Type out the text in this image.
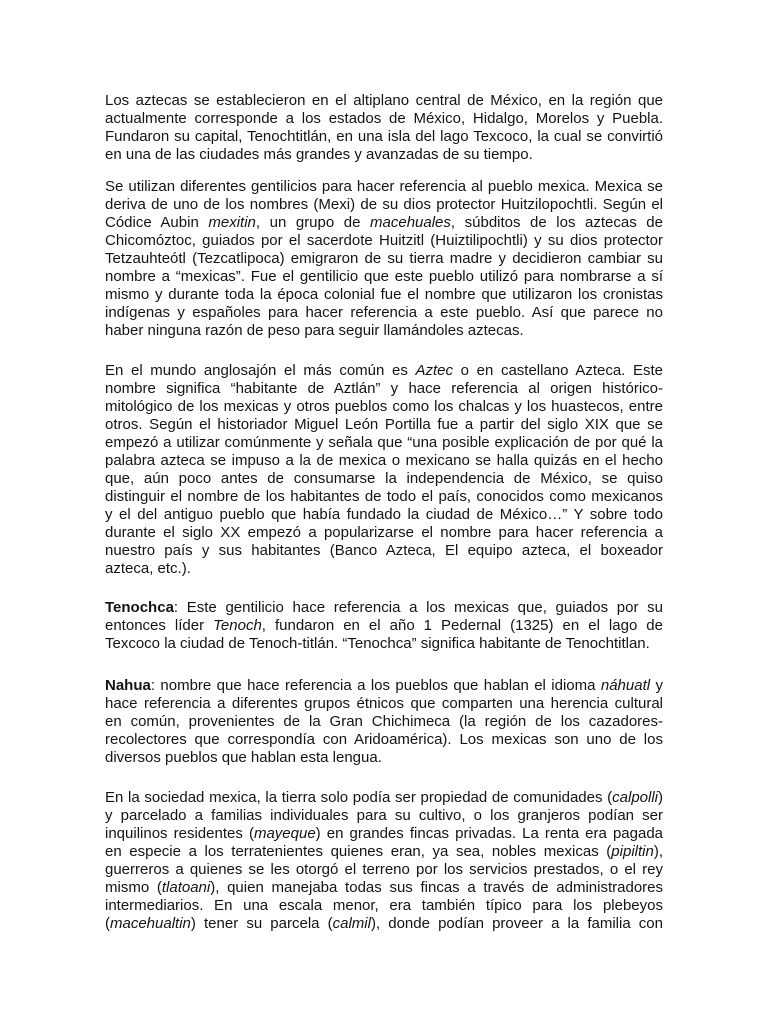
Los aztecas se establecieron en el altiplano central de México, en la región que
actualmente corresponde a los estados de México, Hidalgo, Morelos y Puebla.
Fundaron su capital, Tenochtitlán, en una isla del lago Texcoco, la cual se convirtió
en una de las ciudades más grandes y avanzadas de su tiempo.
Se utilizan diferentes gentilicios para hacer referencia al pueblo mexica. Mexica se
deriva de uno de los nombres (Mexi) de su dios protector Huitzilopochtli. Según el
Códice Aubin mexitin, un grupo de macehuales, súbditos de los aztecas de
Chicomóztoc, guiados por el sacerdote Huitzitl (Huiztilipochtli) y su dios protector
Tetzauhteótl (Tezcatlipoca) emigraron de su tierra madre y decidieron cambiar su
nombre a “mexicas”. Fue el gentilicio que este pueblo utilizó para nombrarse a sí
mismo y durante toda la época colonial fue el nombre que utilizaron los cronistas
indígenas y españoles para hacer referencia a este pueblo. Así que parece no
haber ninguna razón de peso para seguir llamándoles aztecas.
En el mundo anglosajón el más común es Aztec o en castellano Azteca. Este
nombre significa “habitante de Aztlán” y hace referencia al origen histórico-
mitológico de los mexicas y otros pueblos como los chalcas y los huastecos, entre
otros. Según el historiador Miguel León Portilla fue a partir del siglo XIX que se
empezó a utilizar comúnmente y señala que “una posible explicación de por qué la
palabra azteca se impuso a la de mexica o mexicano se halla quizás en el hecho
que, aún poco antes de consumarse la independencia de México, se quiso
distinguir el nombre de los habitantes de todo el país, conocidos como mexicanos
y el del antiguo pueblo que había fundado la ciudad de México…” Y sobre todo
durante el siglo XX empezó a popularizarse el nombre para hacer referencia a
nuestro país y sus habitantes (Banco Azteca, El equipo azteca, el boxeador
azteca, etc.).
Tenochca: Este gentilicio hace referencia a los mexicas que, guiados por su
entonces líder Tenoch, fundaron en el año 1 Pedernal (1325) en el lago de
Texcoco la ciudad de Tenoch-titlán. “Tenochca” significa habitante de Tenochtitlan.
Nahua: nombre que hace referencia a los pueblos que hablan el idioma náhuatl y
hace referencia a diferentes grupos étnicos que comparten una herencia cultural
en común, provenientes de la Gran Chichimeca (la región de los cazadores-
recolectores que correspondía con Aridoamérica). Los mexicas son uno de los
diversos pueblos que hablan esta lengua.
En la sociedad mexica, la tierra solo podía ser propiedad de comunidades (calpolli)
y parcelado a familias individuales para su cultivo, o los granjeros podían ser
inquilinos residentes (mayeque) en grandes fincas privadas. La renta era pagada
en especie a los terratenientes quienes eran, ya sea, nobles mexicas (pipiltin),
guerreros a quienes se les otorgó el terreno por los servicios prestados, o el rey
mismo (tlatoani), quien manejaba todas sus fincas a través de administradores
intermediarios. En una escala menor, era también típico para los plebeyos
(macehualtin) tener su parcela (calmil), donde podían proveer a la familia con
